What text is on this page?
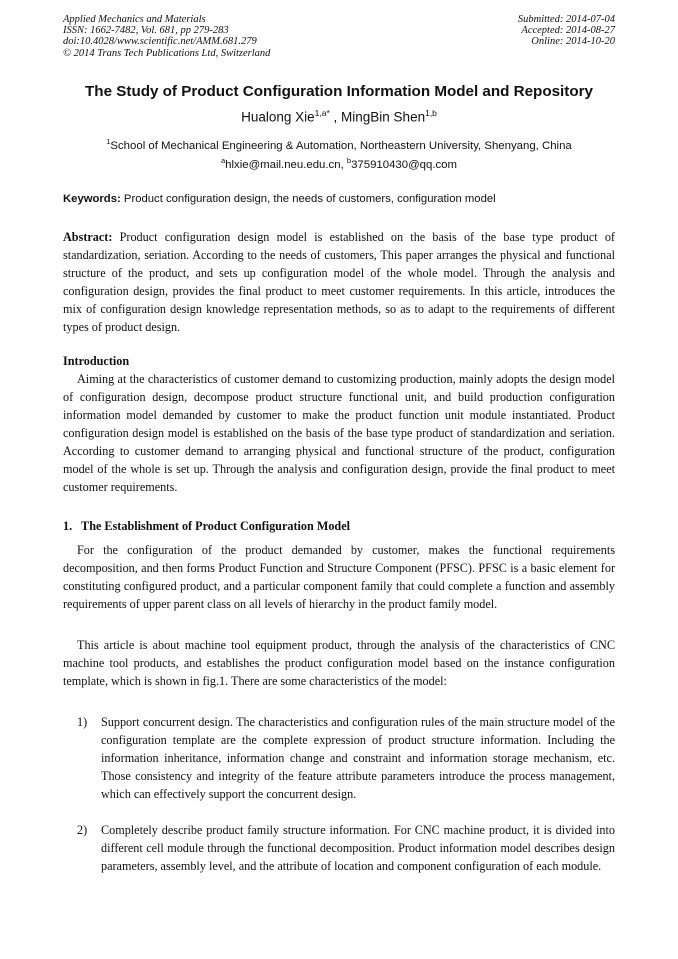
Applied Mechanics and Materials
ISSN: 1662-7482, Vol. 681, pp 279-283
doi:10.4028/www.scientific.net/AMM.681.279
© 2014 Trans Tech Publications Ltd, Switzerland
Submitted: 2014-07-04
Accepted: 2014-08-27
Online: 2014-10-20
The Study of Product Configuration Information Model and Repository
Hualong Xie$^{1,a*}$ , MingBin Shen$^{1,b}$
$^1$School of Mechanical Engineering & Automation, Northeastern University, Shenyang, China
$^a$hlxie@mail.neu.edu.cn, $^b$375910430@qq.com
Keywords: Product configuration design, the needs of customers, configuration model
Abstract: Product configuration design model is established on the basis of the base type product of standardization, seriation. According to the needs of customers, This paper arranges the physical and functional structure of the product, and sets up configuration model of the whole model. Through the analysis and configuration design, provides the final product to meet customer requirements. In this article, introduces the mix of configuration design knowledge representation methods, so as to adapt to the requirements of different types of product design.
Introduction
Aiming at the characteristics of customer demand to customizing production, mainly adopts the design model of configuration design, decompose product structure functional unit, and build production configuration information model demanded by customer to make the product function unit module instantiated. Product configuration design model is established on the basis of the base type product of standardization and seriation. According to customer demand to arranging physical and functional structure of the product, configuration model of the whole is set up. Through the analysis and configuration design, provide the final product to meet customer requirements.
1.   The Establishment of Product Configuration Model
For the configuration of the product demanded by customer, makes the functional requirements decomposition, and then forms Product Function and Structure Component (PFSC). PFSC is a basic element for constituting configured product, and a particular component family that could complete a function and assembly requirements of upper parent class on all levels of hierarchy in the product family model.
This article is about machine tool equipment product, through the analysis of the characteristics of CNC machine tool products, and establishes the product configuration model based on the instance configuration template, which is shown in fig.1. There are some characteristics of the model:
1) Support concurrent design. The characteristics and configuration rules of the main structure model of the configuration template are the complete expression of product structure information. Including the information inheritance, information change and constraint and information storage mechanism, etc. Those consistency and integrity of the feature attribute parameters introduce the process management, which can effectively support the concurrent design.
2) Completely describe product family structure information. For CNC machine product, it is divided into different cell module through the functional decomposition. Product information model describes design parameters, assembly level, and the attribute of location and component configuration of each module.
